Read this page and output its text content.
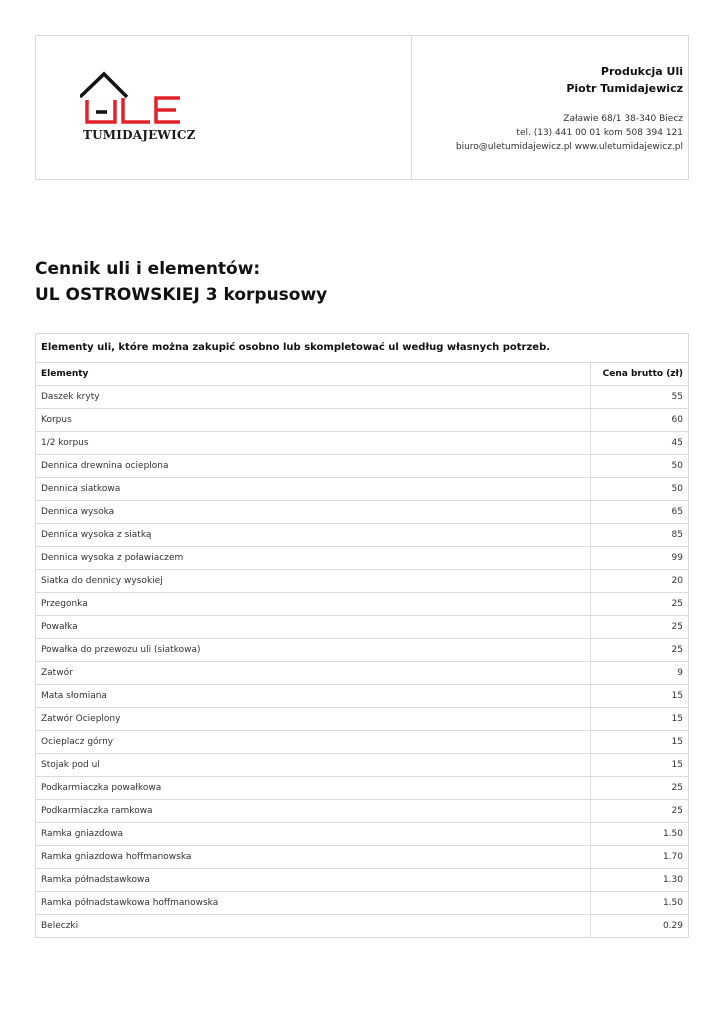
TUMIDAJEWICZ
Produkcja Uli
Piotr Tumidajewicz
Załawie 68/1 38-340 Biecz
tel. (13) 441 00 01 kom 508 394 121
biuro@uletumidajewicz.pl www.uletumidajewicz.pl
Cennik uli i elementów:
UL OSTROWSKIEJ 3 korpusowy
Elementy uli, które można zakupić osobno lub skompletować ul według własnych potrzeb.
Elementy	Cena brutto (zł)
Daszek kryty	55
Korpus	60
1/2 korpus	45
Dennica drewnina ocieplona	50
Dennica siatkowa	50
Dennica wysoka	65
Dennica wysoka z siatką	85
Dennica wysoka z poławiaczem	99
Siatka do dennicy wysokiej	20
Przegonka	25
Powałka	25
Powałka do przewozu uli (siatkowa)	25
Zatwór	9
Mata słomiana	15
Zatwór Ocieplony	15
Ocieplacz górny	15
Stojak pod ul	15
Podkarmiaczka powałkowa	25
Podkarmiaczka ramkowa	25
Ramka gniazdowa	1.50
Ramka gniazdowa hoffmanowska	1.70
Ramka półnadstawkowa	1.30
Ramka półnadstawkowa hoffmanowska	1.50
Beleczki	0.29
